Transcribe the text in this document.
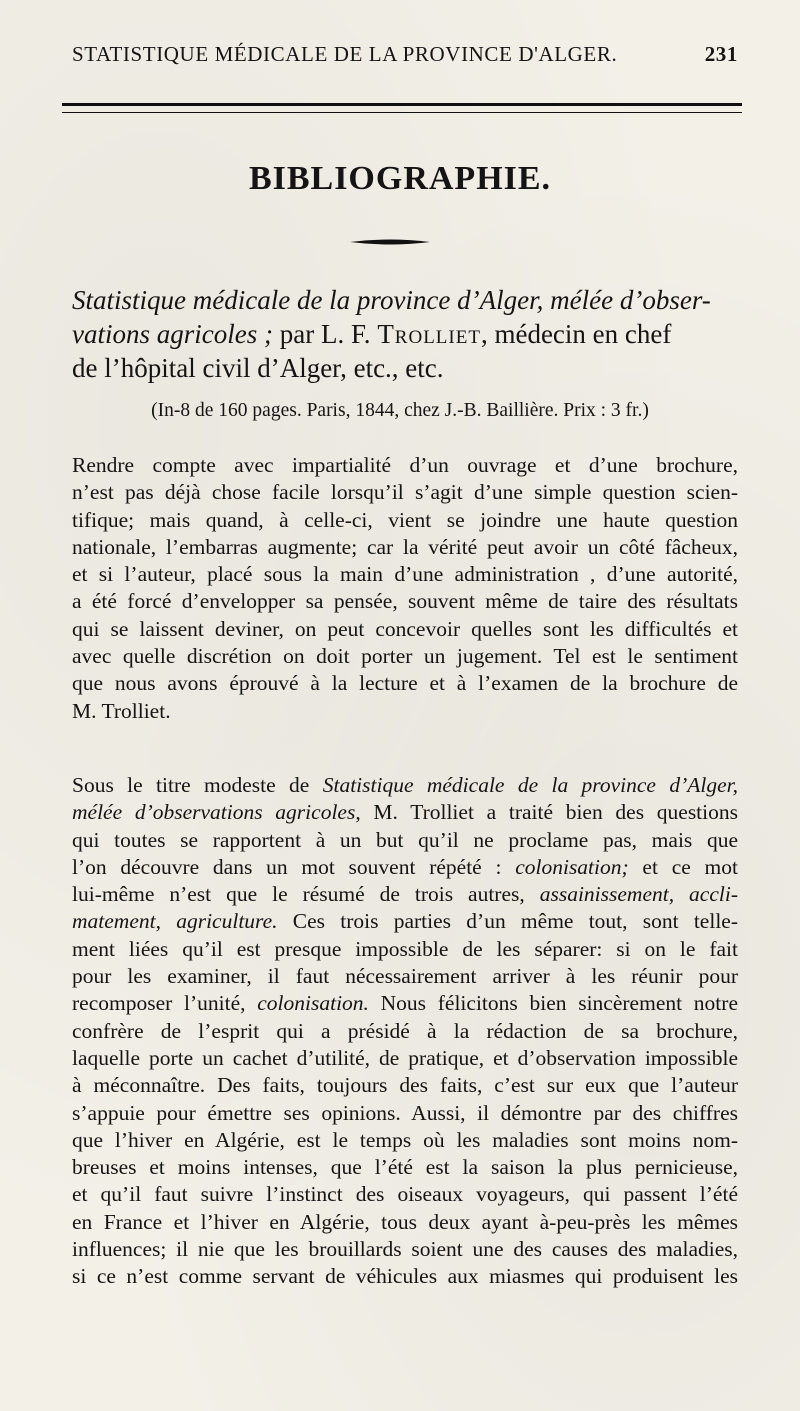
STATISTIQUE MÉDICALE DE LA PROVINCE D'ALGER.	231
BIBLIOGRAPHIE.
Statistique médicale de la province d’Alger, mélée d’obser-
vations agricoles ; par L. F. Trolliet, médecin en chef
de l’hôpital civil d’Alger, etc., etc.
(In-8 de 160 pages. Paris, 1844, chez J.-B. Baillière. Prix : 3 fr.)
Rendre compte avec impartialité d’un ouvrage et d’une brochure,
n’est pas déjà chose facile lorsqu’il s’agit d’une simple question scien-
tifique; mais quand, à celle-ci, vient se joindre une haute question
nationale, l’embarras augmente; car la vérité peut avoir un côté fâcheux,
et si l’auteur, placé sous la main d’une administration , d’une autorité,
a été forcé d’envelopper sa pensée, souvent même de taire des résultats
qui se laissent deviner, on peut concevoir quelles sont les difficultés et
avec quelle discrétion on doit porter un jugement. Tel est le sentiment
que nous avons éprouvé à la lecture et à l’examen de la brochure de
M. Trolliet.
Sous le titre modeste de Statistique médicale de la province d’Alger,
mélée d’observations agricoles, M. Trolliet a traité bien des questions
qui toutes se rapportent à un but qu’il ne proclame pas, mais que
l’on découvre dans un mot souvent répété : colonisation; et ce mot
lui-même n’est que le résumé de trois autres, assainissement, accli-
matement, agriculture. Ces trois parties d’un même tout, sont telle-
ment liées qu’il est presque impossible de les séparer: si on le fait
pour les examiner, il faut nécessairement arriver à les réunir pour
recomposer l’unité, colonisation. Nous félicitons bien sincèrement notre
confrère de l’esprit qui a présidé à la rédaction de sa brochure,
laquelle porte un cachet d’utilité, de pratique, et d’observation impossible
à méconnaître. Des faits, toujours des faits, c’est sur eux que l’auteur
s’appuie pour émettre ses opinions. Aussi, il démontre par des chiffres
que l’hiver en Algérie, est le temps où les maladies sont moins nom-
breuses et moins intenses, que l’été est la saison la plus pernicieuse,
et qu’il faut suivre l’instinct des oiseaux voyageurs, qui passent l’été
en France et l’hiver en Algérie, tous deux ayant à-peu-près les mêmes
influences; il nie que les brouillards soient une des causes des maladies,
si ce n’est comme servant de véhicules aux miasmes qui produisent les
